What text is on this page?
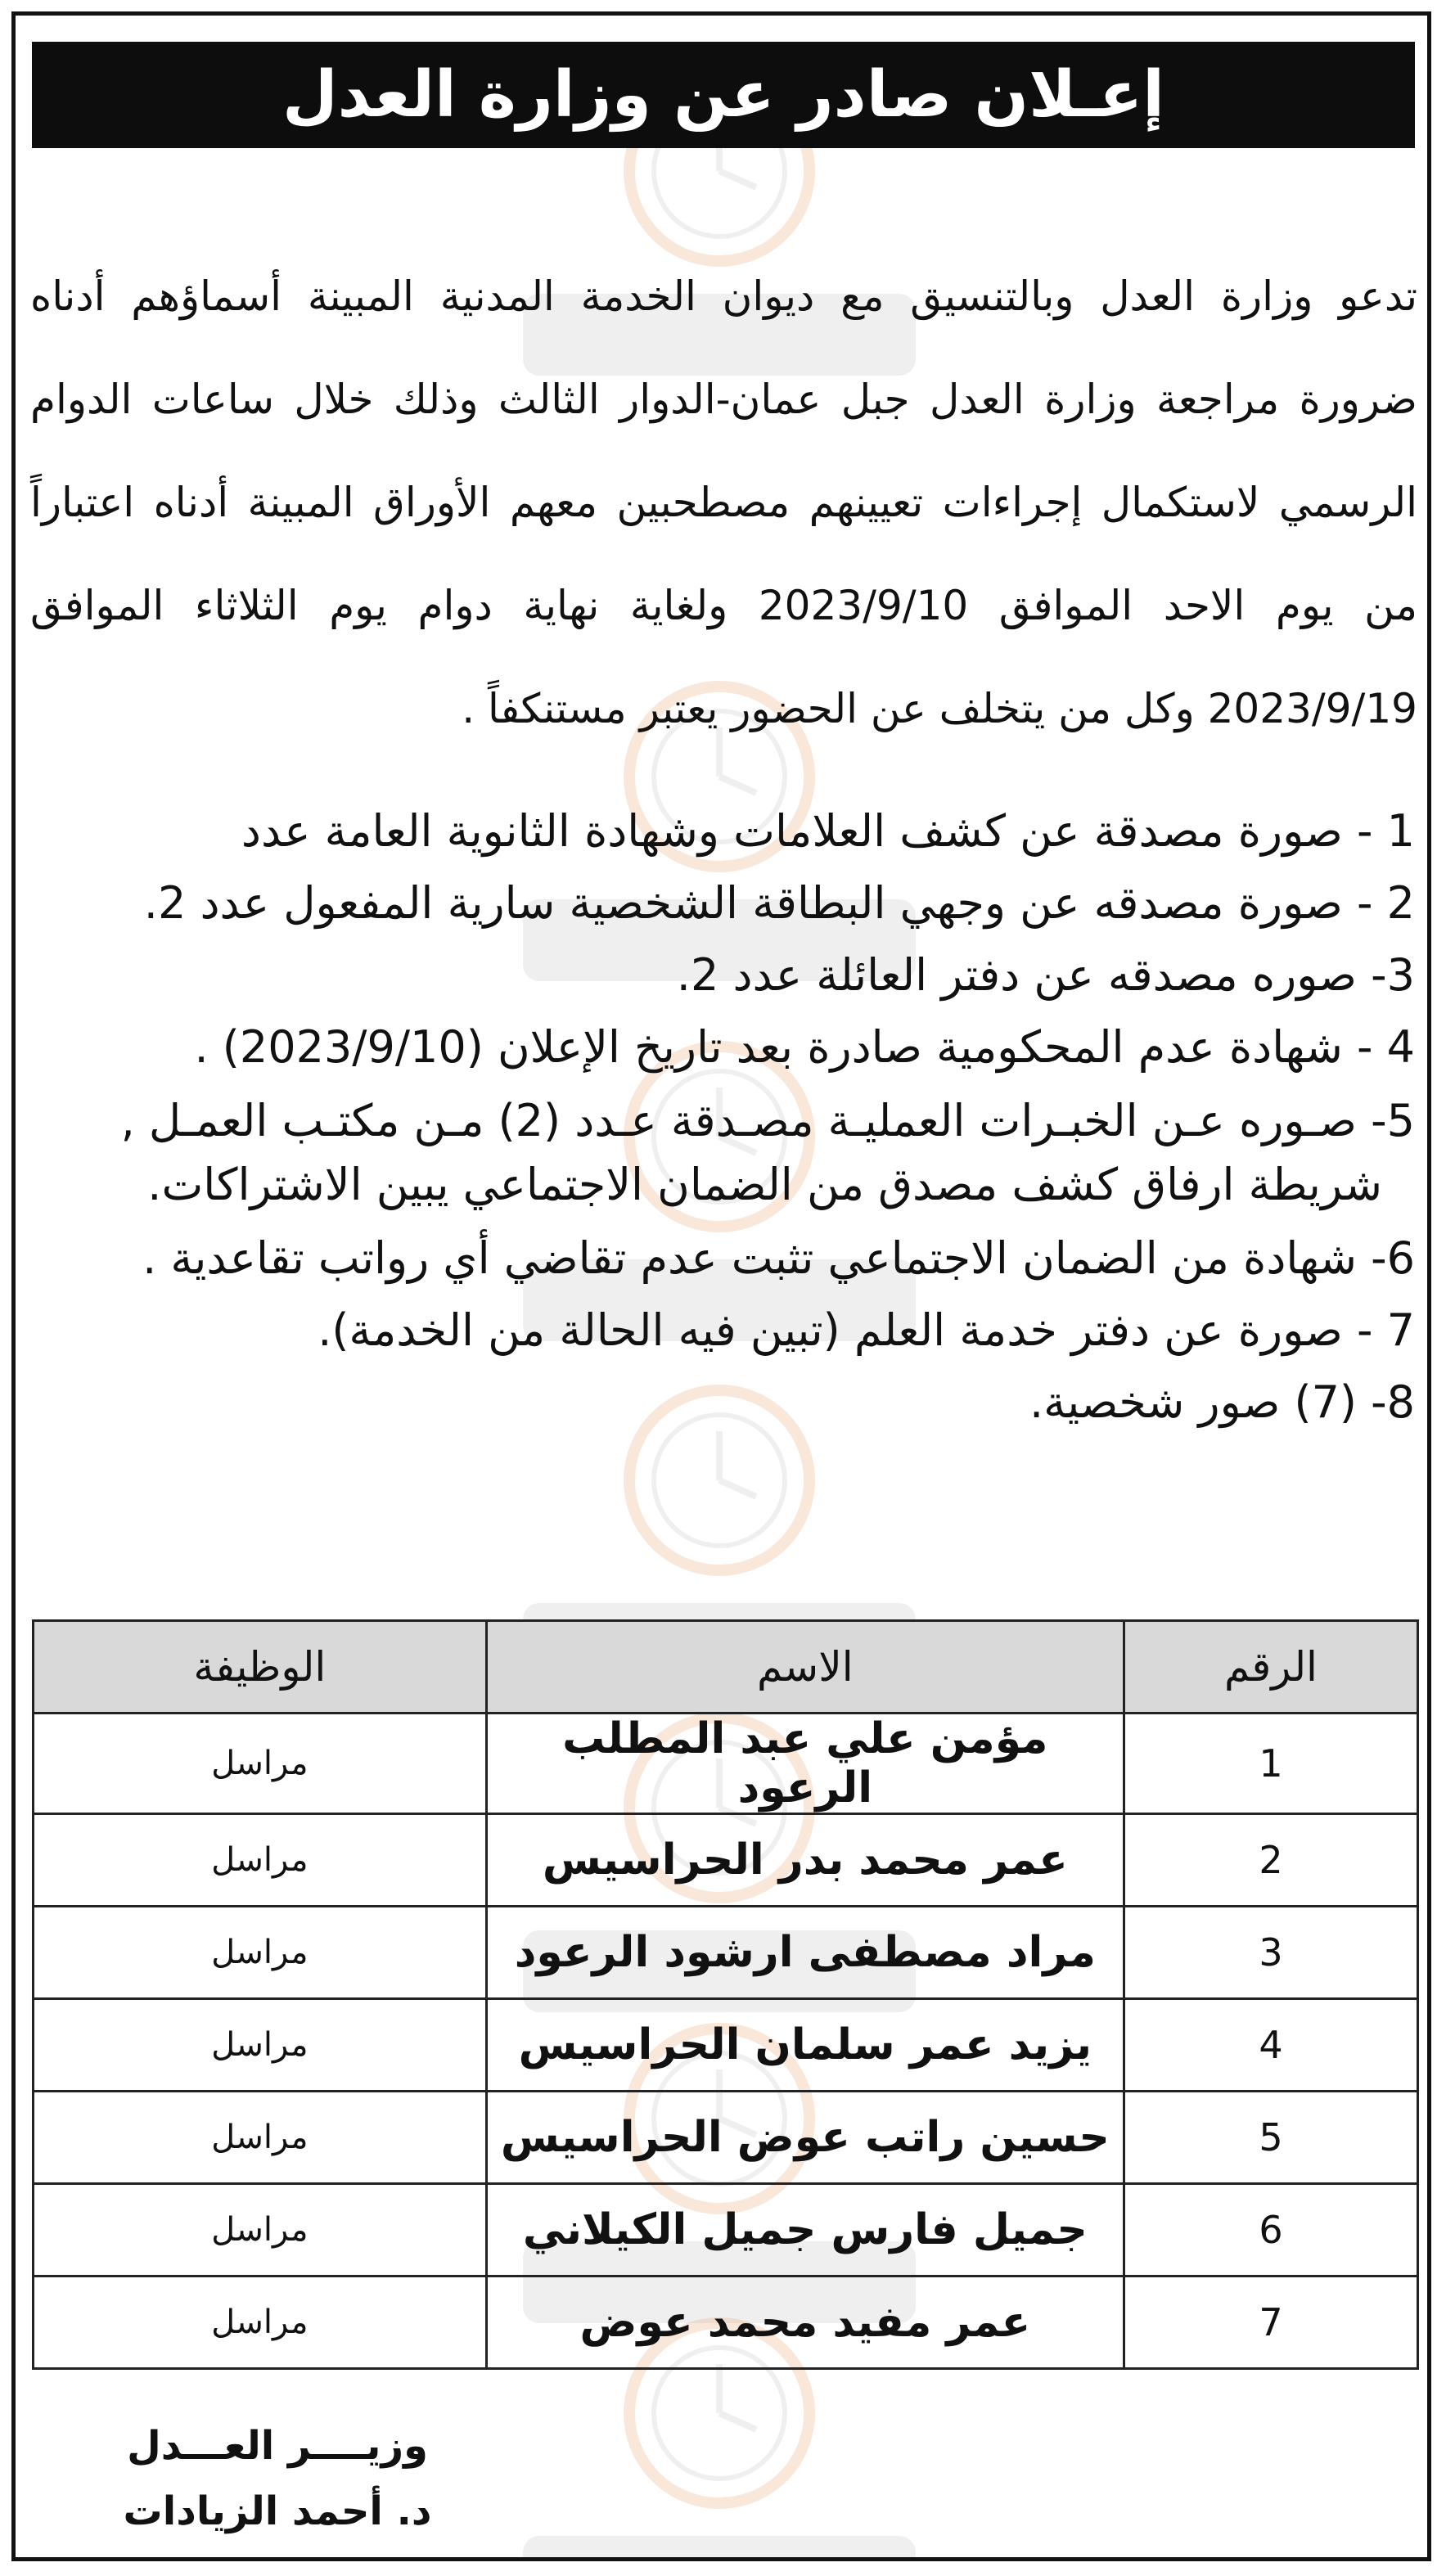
إعـلان صادر عن وزارة العدل

تدعو وزارة العدل وبالتنسيق مع ديوان الخدمة المدنية المبينة أسماؤهم أدناه ضرورة مراجعة وزارة العدل جبل عمان-الدوار الثالث وذلك خلال ساعات الدوام الرسمي لاستكمال إجراءات تعيينهم مصطحبين معهم الأوراق المبينة أدناه اعتباراً من يوم الاحد الموافق 2023/9/10 ولغاية نهاية دوام يوم الثلاثاء الموافق 2023/9/19 وكل من يتخلف عن الحضور يعتبر مستنكفاً .

1 - صورة مصدقة عن كشف العلامات وشهادة الثانوية العامة عدد
2 - صورة مصدقه عن وجهي البطاقة الشخصية سارية المفعول عدد 2.
3- صوره مصدقه عن دفتر العائلة عدد 2.
4 - شهادة عدم المحكومية صادرة بعد تاريخ الإعلان (2023/9/10) .
5- صـوره عـن الخبـرات العمليـة مصـدقة عـدد (2) مـن مكتـب العمـل ,
شريطة ارفاق كشف مصدق من الضمان الاجتماعي يبين الاشتراكات.
6- شهادة من الضمان الاجتماعي تثبت عدم تقاضي أي رواتب تقاعدية .
7 - صورة عن دفتر خدمة العلم (تبين فيه الحالة من الخدمة).
8- (7) صور شخصية.
الرقم	الاسم	الوظيفة
1	مؤمن علي عبد المطلب الرعود	مراسل
2	عمر محمد بدر الحراسيس	مراسل
3	مراد مصطفى ارشود الرعود	مراسل
4	يزيد عمر سلمان الحراسيس	مراسل
5	حسين راتب عوض الحراسيس	مراسل
6	جميل فارس جميل الكيلاني	مراسل
7	عمر مفيد محمد عوض	مراسل
وزيــــر العـــدل
د. أحمد الزيادات
